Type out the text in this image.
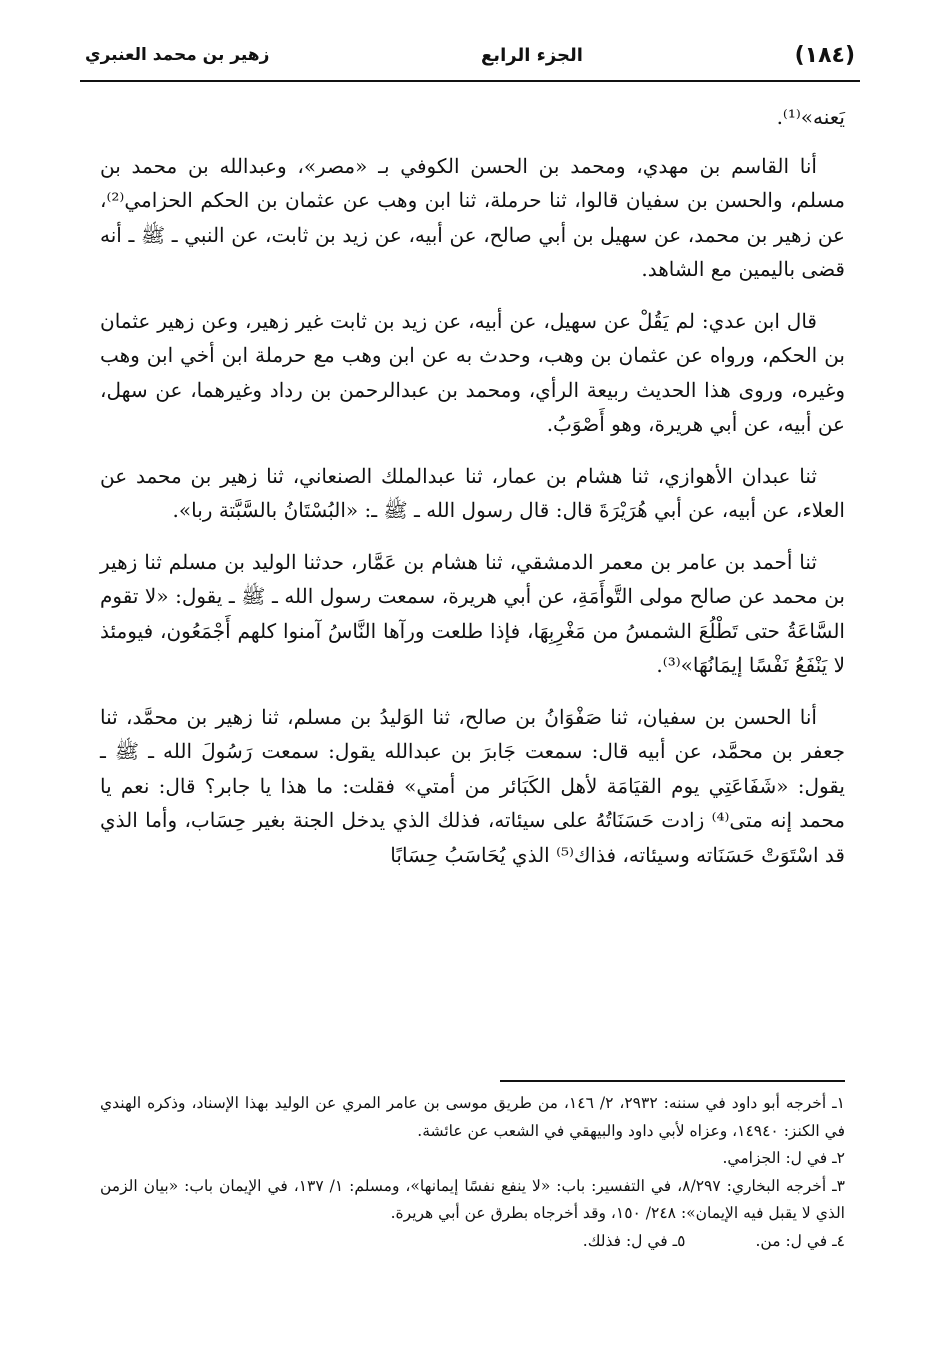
زهير بن محمد العنبري	الجزء الرابع	(١٨٤)

يَعنه»⁽¹⁾.

أنا القاسم بن مهدي، ومحمد بن الحسن الكوفي بـ «مصر»، وعبدالله بن محمد بن مسلم، والحسن بن سفيان قالوا، ثنا حرملة، ثنا ابن وهب عن عثمان بن الحكم الحزامي⁽²⁾، عن زهير بن محمد، عن سهيل بن أبي صالح، عن أبيه، عن زيد بن ثابت، عن النبي ـ ﷺ ـ أنه قضى باليمين مع الشاهد.

قال ابن عدي: لم يَقُلْ عن سهيل، عن أبيه، عن زيد بن ثابت غير زهير، وعن زهير عثمان بن الحكم، ورواه عن عثمان بن وهب، وحدث به عن ابن وهب مع حرملة ابن أخي ابن وهب وغيره، وروى هذا الحديث ربيعة الرأي، ومحمد بن عبدالرحمن بن رداد وغيرهما، عن سهل، عن أبيه، عن أبي هريرة، وهو أَصْوَبُ.

ثنا عبدان الأهوازي، ثنا هشام بن عمار، ثنا عبدالملك الصنعاني، ثنا زهير بن محمد عن العلاء، عن أبيه، عن أبي هُرَيْرَةَ قال: قال رسول الله ـ ﷺ ـ: «البُسْتَانُ بالسَّبَّتة ربا».

ثنا أحمد بن عامر بن معمر الدمشقي، ثنا هشام بن عَمَّار، حدثنا الوليد بن مسلم ثنا زهير بن محمد عن صالح مولى التَّوأَمَةِ، عن أبي هريرة، سمعت رسول الله ـ ﷺ ـ يقول: «لا تقوم السَّاعَةُ حتى تَطْلُعَ الشمسُ من مَغْرِبِهَا، فإذا طلعت ورآها النَّاسُ آمنوا كلهم أَجْمَعُون، فيومئذ لا يَنْفَعُ نَفْسًا إيمَانُهَا»⁽³⁾.

أنا الحسن بن سفيان، ثنا صَفْوَانُ بن صالح، ثنا الوَليدُ بن مسلم، ثنا زهير بن محمَّد، ثنا جعفر بن محمَّد، عن أبيه قال: سمعت جَابرَ بن عبدالله يقول: سمعت رَسُولَ الله ـ ﷺ ـ يقول: «شَفَاعَتِي يوم القيَامَة لأهل الكَبَائر من أمتي» فقلت: ما هذا يا جابر؟ قال: نعم يا محمد إنه متى⁽⁴⁾ زادت حَسَنَاتُهُ على سيئاته، فذلك الذي يدخل الجنة بغير حِسَاب، وأما الذي قد اسْتَوَتْ حَسَنَاته وسيئاته، فذاك⁽⁵⁾ الذي يُحَاسَبُ حِسَابًا

١ـ أخرجه أبو داود في سننه: ٢٩٣٢، ٢/ ١٤٦، من طريق موسى بن عامر المري عن الوليد بهذا الإسناد، وذكره الهندي في الكنز: ١٤٩٤٠، وعزاه لأبي داود والبيهقي في الشعب عن عائشة.

٢ـ في ل: الجزامي.

٣ـ أخرجه البخاري: ٨/٢٩٧، في التفسير: باب: «لا ينفع نفسًا إيمانها»، ومسلم: ١/ ١٣٧، في الإيمان باب: «بيان الزمن الذي لا يقبل فيه الإيمان»: ٢٤٨/ ١٥٠، وقد أخرجاه بطرق عن أبي هريرة.

٤ـ في ل: من.
٥ـ في ل: فذلك.
